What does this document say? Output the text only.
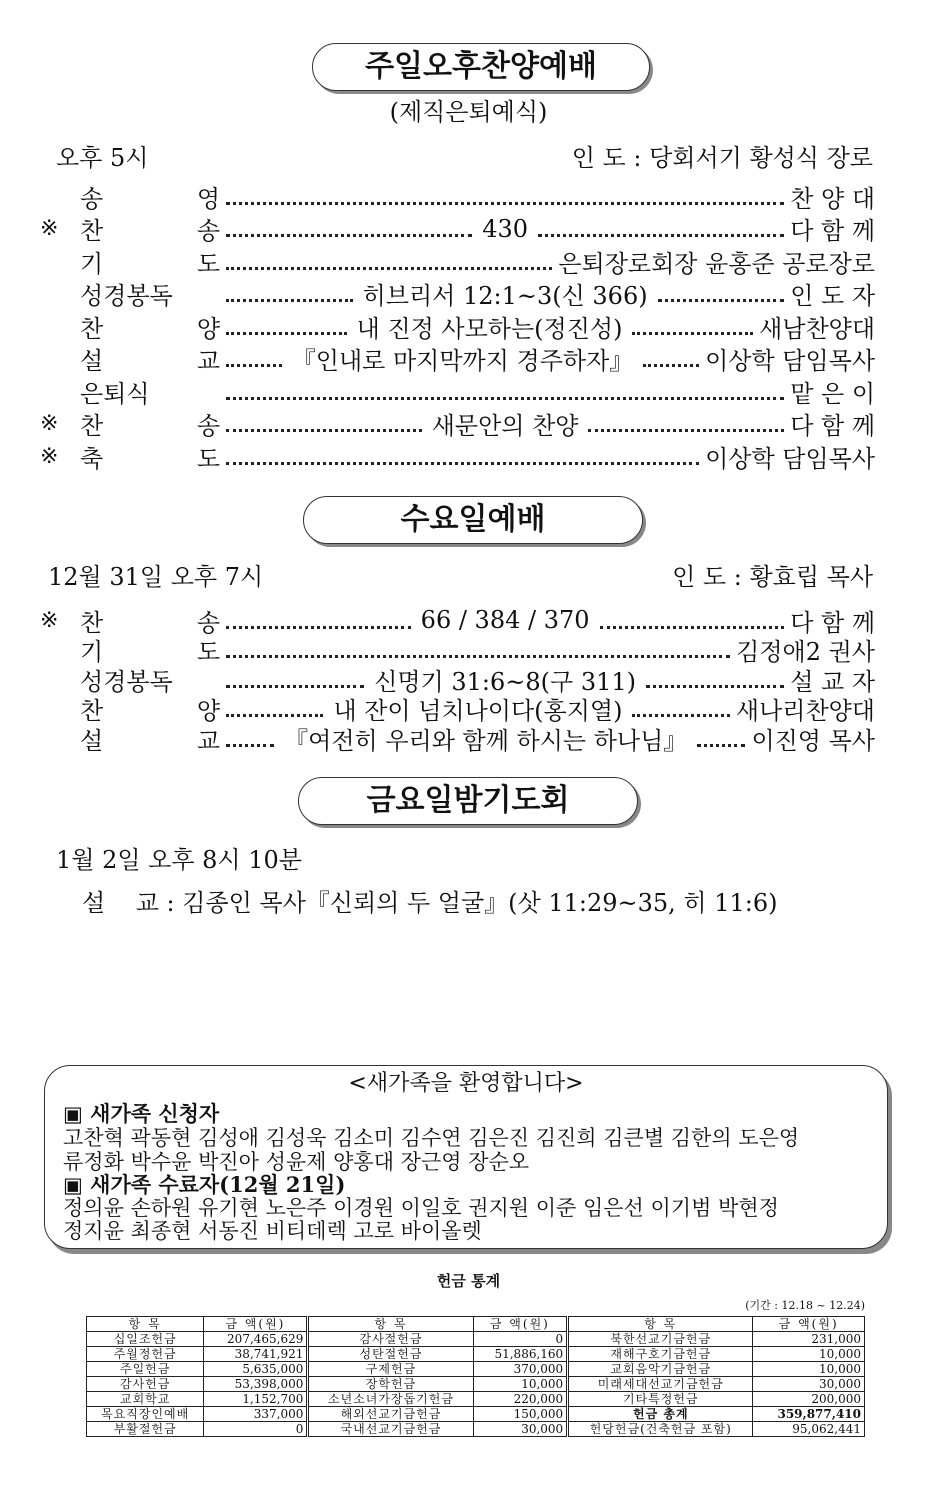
주일오후찬양예배
(제직은퇴예식)
오후 5시	인 도 : 당회서기 황성식 장로
송	영	찬 양 대
※ 찬	송	430	다 함 께
기	도	은퇴장로회장 윤홍준 공로장로
성경봉독	히브리서 12:1~3(신 366)	인 도 자
찬	양	내 진정 사모하는(정진성)	새남찬양대
설	교	『인내로 마지막까지 경주하자』	이상학 담임목사
은퇴식	맡 은 이
※ 찬	송	새문안의 찬양	다 함 께
※ 축	도	이상학 담임목사
수요일예배
12월 31일 오후 7시	인 도 : 황효립 목사
※ 찬	송	66 / 384 / 370	다 함 께
기	도	김정애2 권사
성경봉독	신명기 31:6~8(구 311)	설 교 자
찬	양	내 잔이 넘치나이다(홍지열)	새나리찬양대
설	교	『여전히 우리와 함께 하시는 하나님』	이진영 목사
금요일밤기도회
1월 2일 오후 8시 10분
설    교 : 김종인 목사『신뢰의 두 얼굴』(삿 11:29~35, 히 11:6)
<새가족을 환영합니다>
▣ 새가족 신청자
고찬혁 곽동현 김성애 김성욱 김소미 김수연 김은진 김진희 김큰별 김한의 도은영
류정화 박수윤 박진아 성윤제 양홍대 장근영 장순오
▣ 새가족 수료자(12월 21일)
정의윤 손하원 유기현 노은주 이경원 이일호 권지원 이준 임은선 이기범 박현정
정지윤 최종현 서동진 비티데렉 고로 바이올렛
헌금 통계
(기간 : 12.18 ~ 12.24)
항 목	금 액(원)	항 목	금 액(원)	항 목	금 액(원)
십일조헌금	207,465,629	감사절헌금	0	북한선교기금헌금	231,000
주월정헌금	38,741,921	성탄절헌금	51,886,160	재해구호기금헌금	10,000
주일헌금	5,635,000	구제헌금	370,000	교회음악기금헌금	10,000
감사헌금	53,398,000	장학헌금	10,000	미래세대선교기금헌금	30,000
교회학교	1,152,700	소년소녀가장돕기헌금	220,000	기타특정헌금	200,000
목요직장인예배	337,000	해외선교기금헌금	150,000	헌금 총계	359,877,410
부활절헌금	0	국내선교기금헌금	30,000	헌당헌금(건축헌금 포함)	95,062,441
